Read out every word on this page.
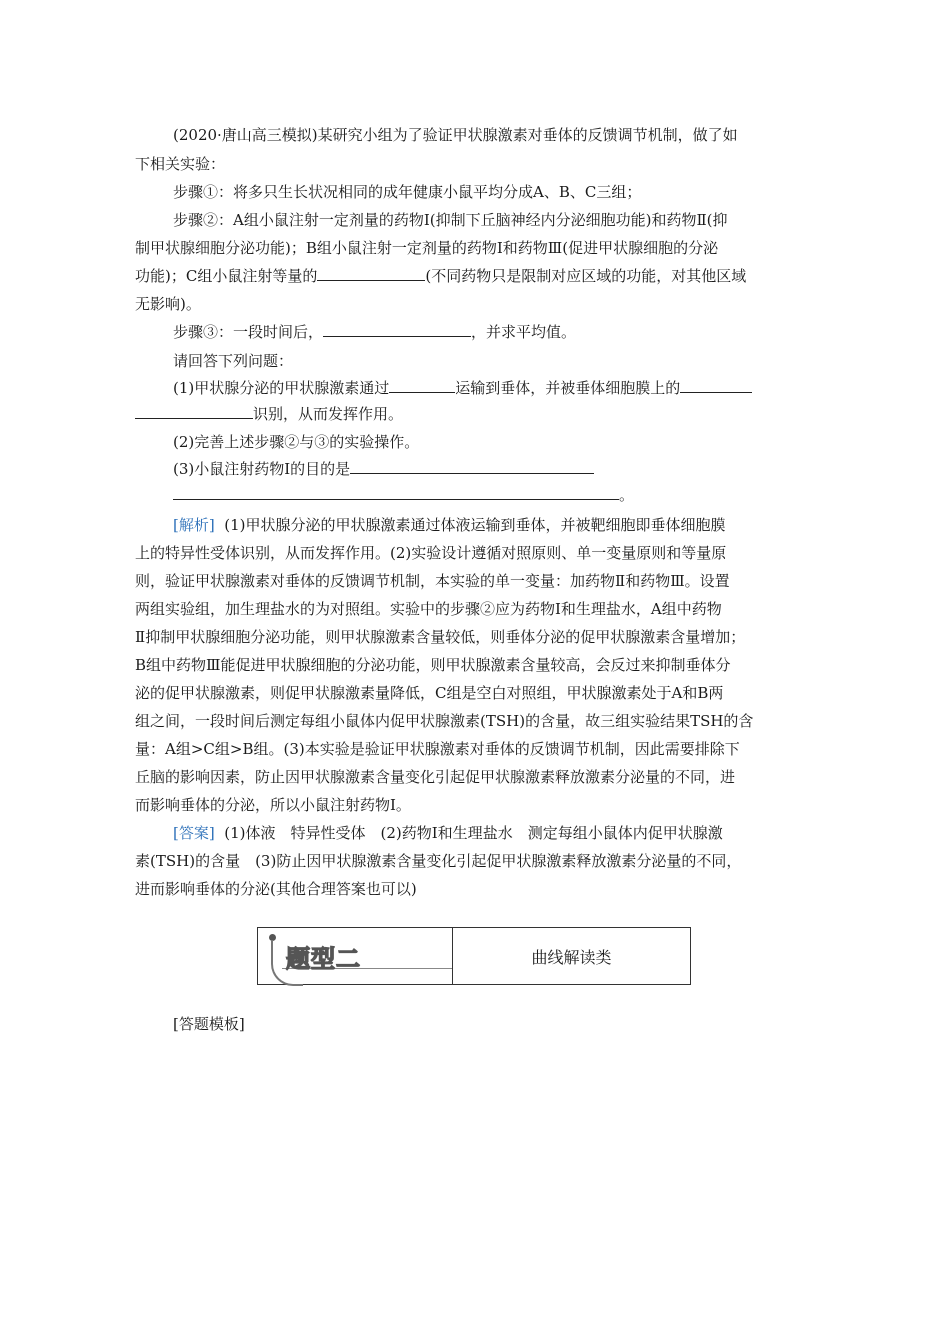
(2020·唐山高三模拟)某研究小组为了验证甲状腺激素对垂体的反馈调节机制，做了如
下相关实验：
步骤①：将多只生长状况相同的成年健康小鼠平均分成A、B、C三组；
步骤②：A组小鼠注射一定剂量的药物Ⅰ(抑制下丘脑神经内分泌细胞功能)和药物Ⅱ(抑
制甲状腺细胞分泌功能)；B组小鼠注射一定剂量的药物Ⅰ和药物Ⅲ(促进甲状腺细胞的分泌
功能)；C组小鼠注射等量的	(不同药物只是限制对应区域的功能，对其他区域
无影响)。
步骤③：一段时间后，	，并求平均值。
请回答下列问题：
(1)甲状腺分泌的甲状腺激素通过	运输到垂体，并被垂体细胞膜上的
识别，从而发挥作用。
(2)完善上述步骤②与③的实验操作。
(3)小鼠注射药物Ⅰ的目的是
。
[解析] (1)甲状腺分泌的甲状腺激素通过体液运输到垂体，并被靶细胞即垂体细胞膜
上的特异性受体识别，从而发挥作用。(2)实验设计遵循对照原则、单一变量原则和等量原
则，验证甲状腺激素对垂体的反馈调节机制，本实验的单一变量：加药物Ⅱ和药物Ⅲ。设置
两组实验组，加生理盐水的为对照组。实验中的步骤②应为药物Ⅰ和生理盐水，A组中药物
Ⅱ抑制甲状腺细胞分泌功能，则甲状腺激素含量较低，则垂体分泌的促甲状腺激素含量增加；
B组中药物Ⅲ能促进甲状腺细胞的分泌功能，则甲状腺激素含量较高，会反过来抑制垂体分
泌的促甲状腺激素，则促甲状腺激素量降低，C组是空白对照组，甲状腺激素处于A和B两
组之间，一段时间后测定每组小鼠体内促甲状腺激素(TSH)的含量，故三组实验结果TSH的含
量：A组>C组>B组。(3)本实验是验证甲状腺激素对垂体的反馈调节机制，因此需要排除下
丘脑的影响因素，防止因甲状腺激素含量变化引起促甲状腺激素释放激素分泌量的不同，进
而影响垂体的分泌，所以小鼠注射药物Ⅰ。
[答案] (1)体液　特异性受体　(2)药物Ⅰ和生理盐水　测定每组小鼠体内促甲状腺激
素(TSH)的含量　(3)防止因甲状腺激素含量变化引起促甲状腺激素释放激素分泌量的不同，
进而影响垂体的分泌(其他合理答案也可以)
题型二	曲线解读类
[答题模板]
